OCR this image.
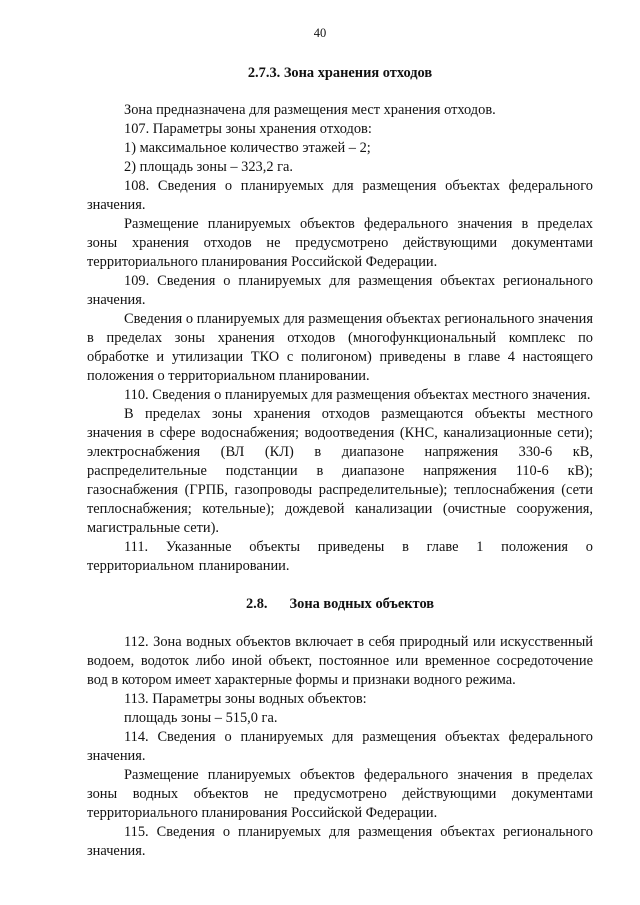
40

2.7.3. Зона хранения отходов

Зона предназначена для размещения мест хранения отходов.

107. Параметры зоны хранения отходов:

1) максимальное количество этажей – 2;

2) площадь зоны – 323,2 га.

108. Сведения о планируемых для размещения объектах федерального значения.

Размещение планируемых объектов федерального значения в пределах зоны хранения отходов не предусмотрено действующими документами территориального планирования Российской Федерации.

109. Сведения о планируемых для размещения объектах регионального значения.

Сведения о планируемых для размещения объектах регионального значения в пределах зоны хранения отходов (многофункциональный комплекс по обработке и утилизации ТКО с полигоном) приведены в главе 4 настоящего положения о территориальном планировании.

110. Сведения о планируемых для размещения объектах местного значения.

В пределах зоны хранения отходов размещаются объекты местного значения в сфере водоснабжения; водоотведения (КНС, канализационные сети); электроснабжения (ВЛ (КЛ) в диапазоне напряжения 330-6 кВ, распределительные подстанции в диапазоне напряжения 110-6 кВ); газоснабжения (ГРПБ, газопроводы распределительные); теплоснабжения (сети теплоснабжения; котельные); дождевой канализации (очистные сооружения, магистральные сети).

111. Указанные объекты приведены в главе 1 положения о территориальном планировании.

2.8. Зона водных объектов

112. Зона водных объектов включает в себя природный или искусственный водоем, водоток либо иной объект, постоянное или временное сосредоточение вод в котором имеет характерные формы и признаки водного режима.

113. Параметры зоны водных объектов:

площадь зоны – 515,0 га.

114. Сведения о планируемых для размещения объектах федерального значения.

Размещение планируемых объектов федерального значения в пределах зоны водных объектов не предусмотрено действующими документами территориального планирования Российской Федерации.

115. Сведения о планируемых для размещения объектах регионального значения.
